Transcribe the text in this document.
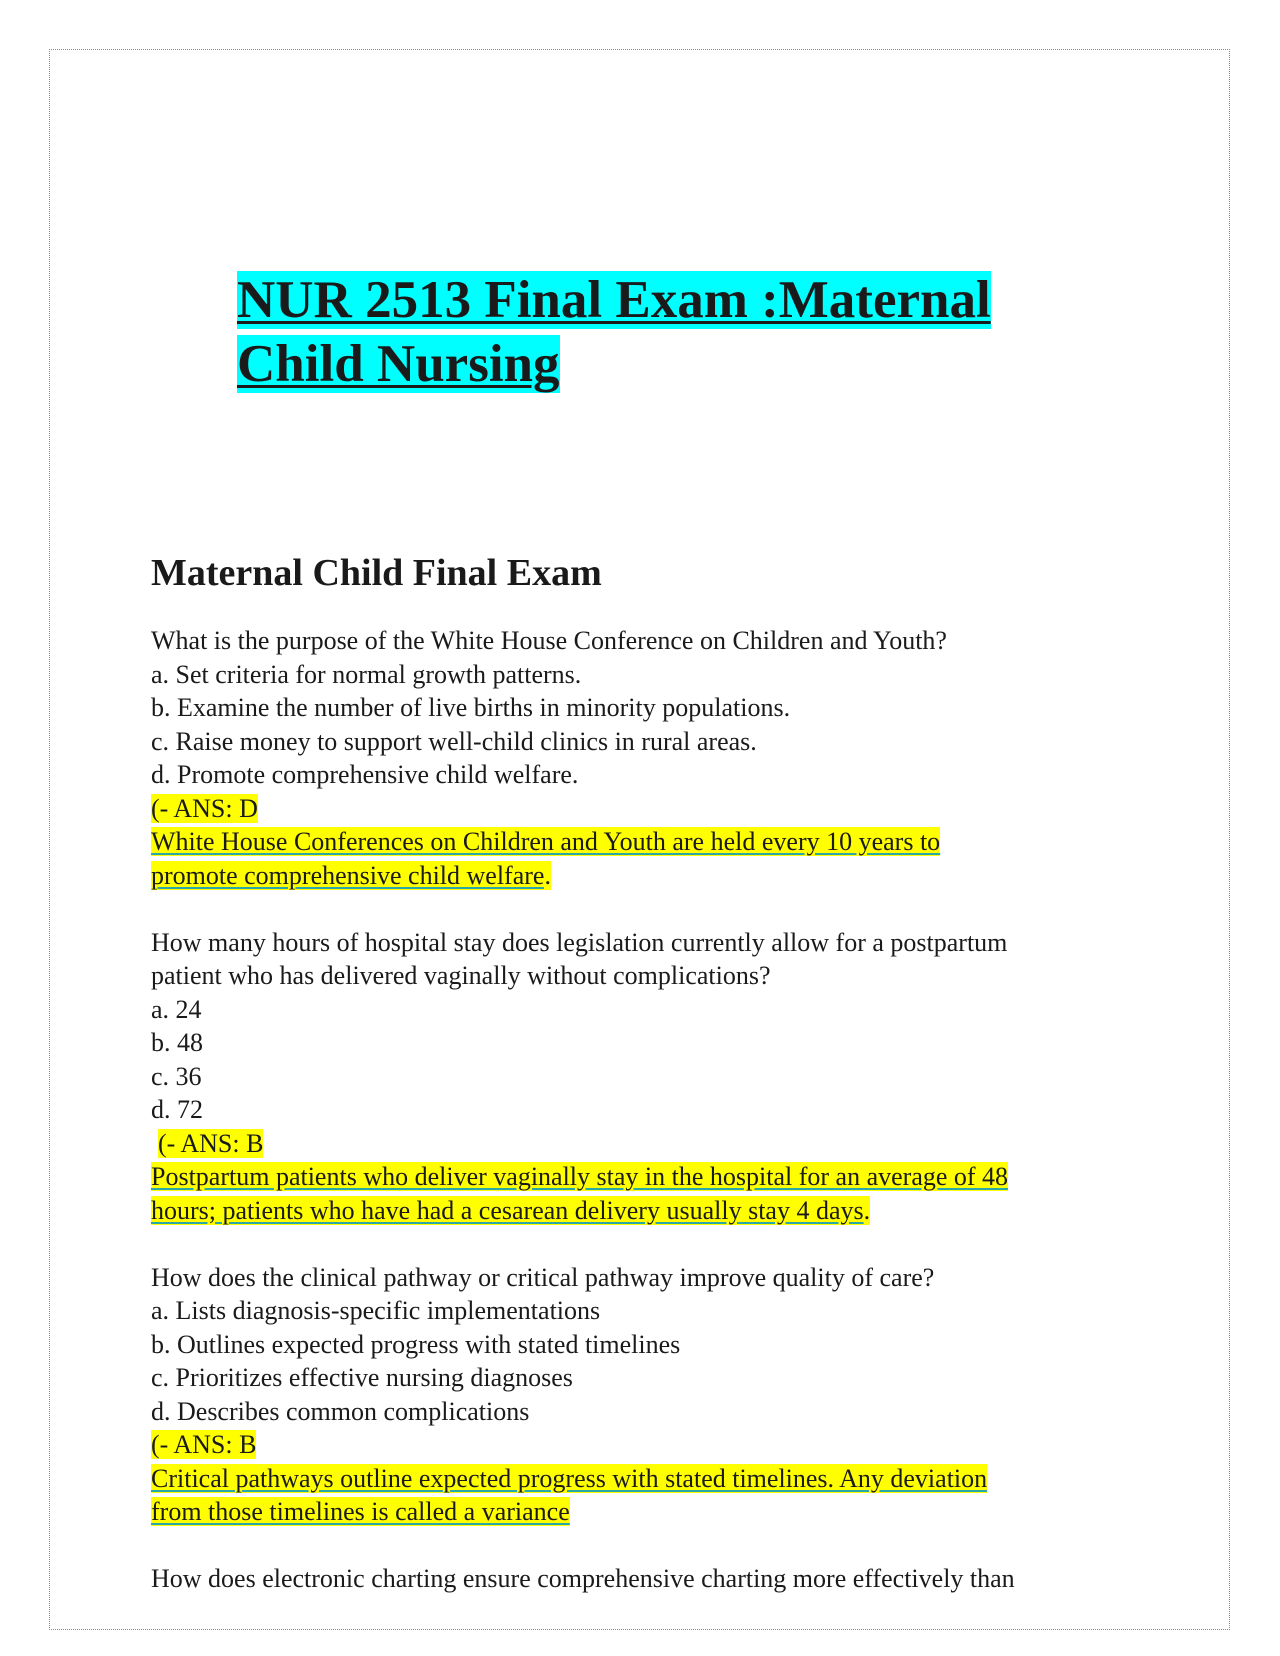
NUR 2513 Final Exam :Maternal
Child Nursing
Maternal Child Final Exam
What is the purpose of the White House Conference on Children and Youth?
a. Set criteria for normal growth patterns.
b. Examine the number of live births in minority populations.
c. Raise money to support well-child clinics in rural areas.
d. Promote comprehensive child welfare.
(- ANS: D
White House Conferences on Children and Youth are held every 10 years to
promote comprehensive child welfare.
How many hours of hospital stay does legislation currently allow for a postpartum
patient who has delivered vaginally without complications?
a. 24
b. 48
c. 36
d. 72
(- ANS: B
Postpartum patients who deliver vaginally stay in the hospital for an average of 48
hours; patients who have had a cesarean delivery usually stay 4 days.
How does the clinical pathway or critical pathway improve quality of care?
a. Lists diagnosis-specific implementations
b. Outlines expected progress with stated timelines
c. Prioritizes effective nursing diagnoses
d. Describes common complications
(- ANS: B
Critical pathways outline expected progress with stated timelines. Any deviation
from those timelines is called a variance
How does electronic charting ensure comprehensive charting more effectively than
